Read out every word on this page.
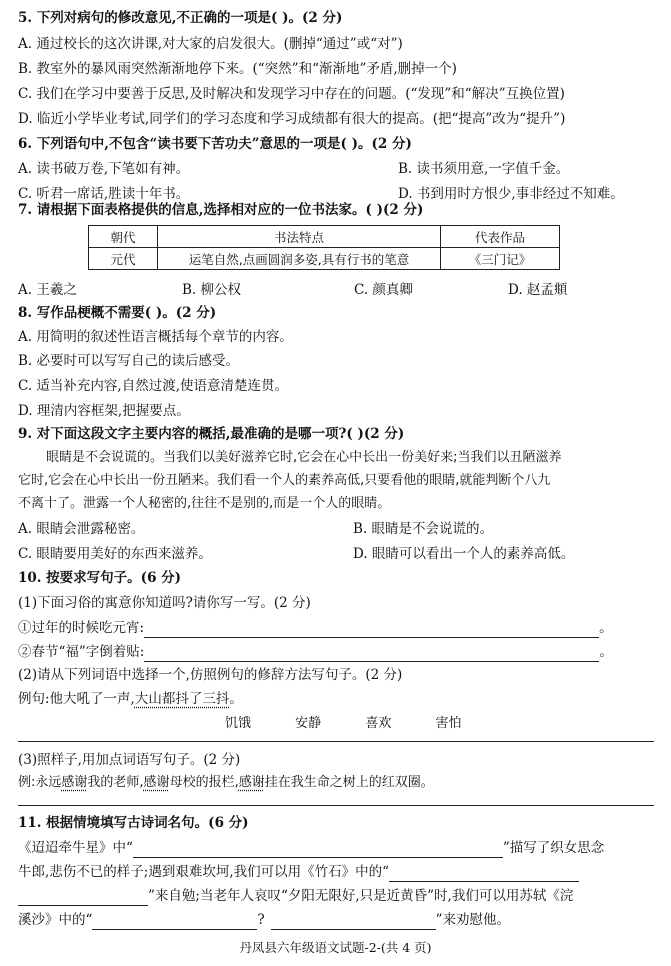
5. 下列对病句的修改意见,不正确的一项是( )。(2 分)
A. 通过校长的这次讲课,对大家的启发很大。(删掉“通过”或“对”)
B. 教室外的暴风雨突然渐渐地停下来。(“突然”和“渐渐地”矛盾,删掉一个)
C. 我们在学习中要善于反思,及时解决和发现学习中存在的问题。(“发现”和“解决”互换位置)
D. 临近小学毕业考试,同学们的学习态度和学习成绩都有很大的提高。(把“提高”改为“提升”)
6. 下列语句中,不包含“读书要下苦功夫”意思的一项是( )。(2 分)
A. 读书破万卷,下笔如有神。	B. 读书须用意,一字值千金。
C. 听君一席话,胜读十年书。	D. 书到用时方恨少,事非经过不知难。
7. 请根据下面表格提供的信息,选择相对应的一位书法家。( )(2 分)
朝代	书法特点	代表作品
元代	运笔自然,点画圆润多姿,具有行书的笔意	《三门记》
A. 王羲之	B. 柳公权	C. 颜真卿	D. 赵孟頫
8. 写作品梗概不需要( )。(2 分)
A. 用简明的叙述性语言概括每个章节的内容。
B. 必要时可以写写自己的读后感受。
C. 适当补充内容,自然过渡,使语意清楚连贯。
D. 理清内容框架,把握要点。
9. 对下面这段文字主要内容的概括,最准确的是哪一项?( )(2 分)
眼睛是不会说谎的。当我们以美好滋养它时,它会在心中长出一份美好来;当我们以丑陋滋养
它时,它会在心中长出一份丑陋来。我们看一个人的素养高低,只要看他的眼睛,就能判断个八九
不离十了。泄露一个人秘密的,往往不是别的,而是一个人的眼睛。
A. 眼睛会泄露秘密。	B. 眼睛是不会说谎的。
C. 眼睛要用美好的东西来滋养。	D. 眼睛可以看出一个人的素养高低。
10. 按要求写句子。(6 分)
(1)下面习俗的寓意你知道吗?请你写一写。(2 分)
①过年的时候吃元宵:	。
②春节“福”字倒着贴:	。
(2)请从下列词语中选择一个,仿照例句的修辞方法写句子。(2 分)
例句:他大吼了一声,大山都抖了三抖。
饥饿	安静	喜欢	害怕
(3)照样子,用加点词语写句子。(2 分)
例:永远感谢我的老师,感谢母校的报栏,感谢挂在我生命之树上的红双圈。
11. 根据情境填写古诗词名句。(6 分)
《迢迢牵牛星》中“	”描写了织女思念
牛郎,悲伤不已的样子;遇到艰难坎坷,我们可以用《竹石》中的“
”来自勉;当老年人哀叹“夕阳无限好,只是近黄昏”时,我们可以用苏轼《浣
溪沙》中的“	?	”来劝慰他。
丹凤县六年级语文试题-2-(共 4 页)
